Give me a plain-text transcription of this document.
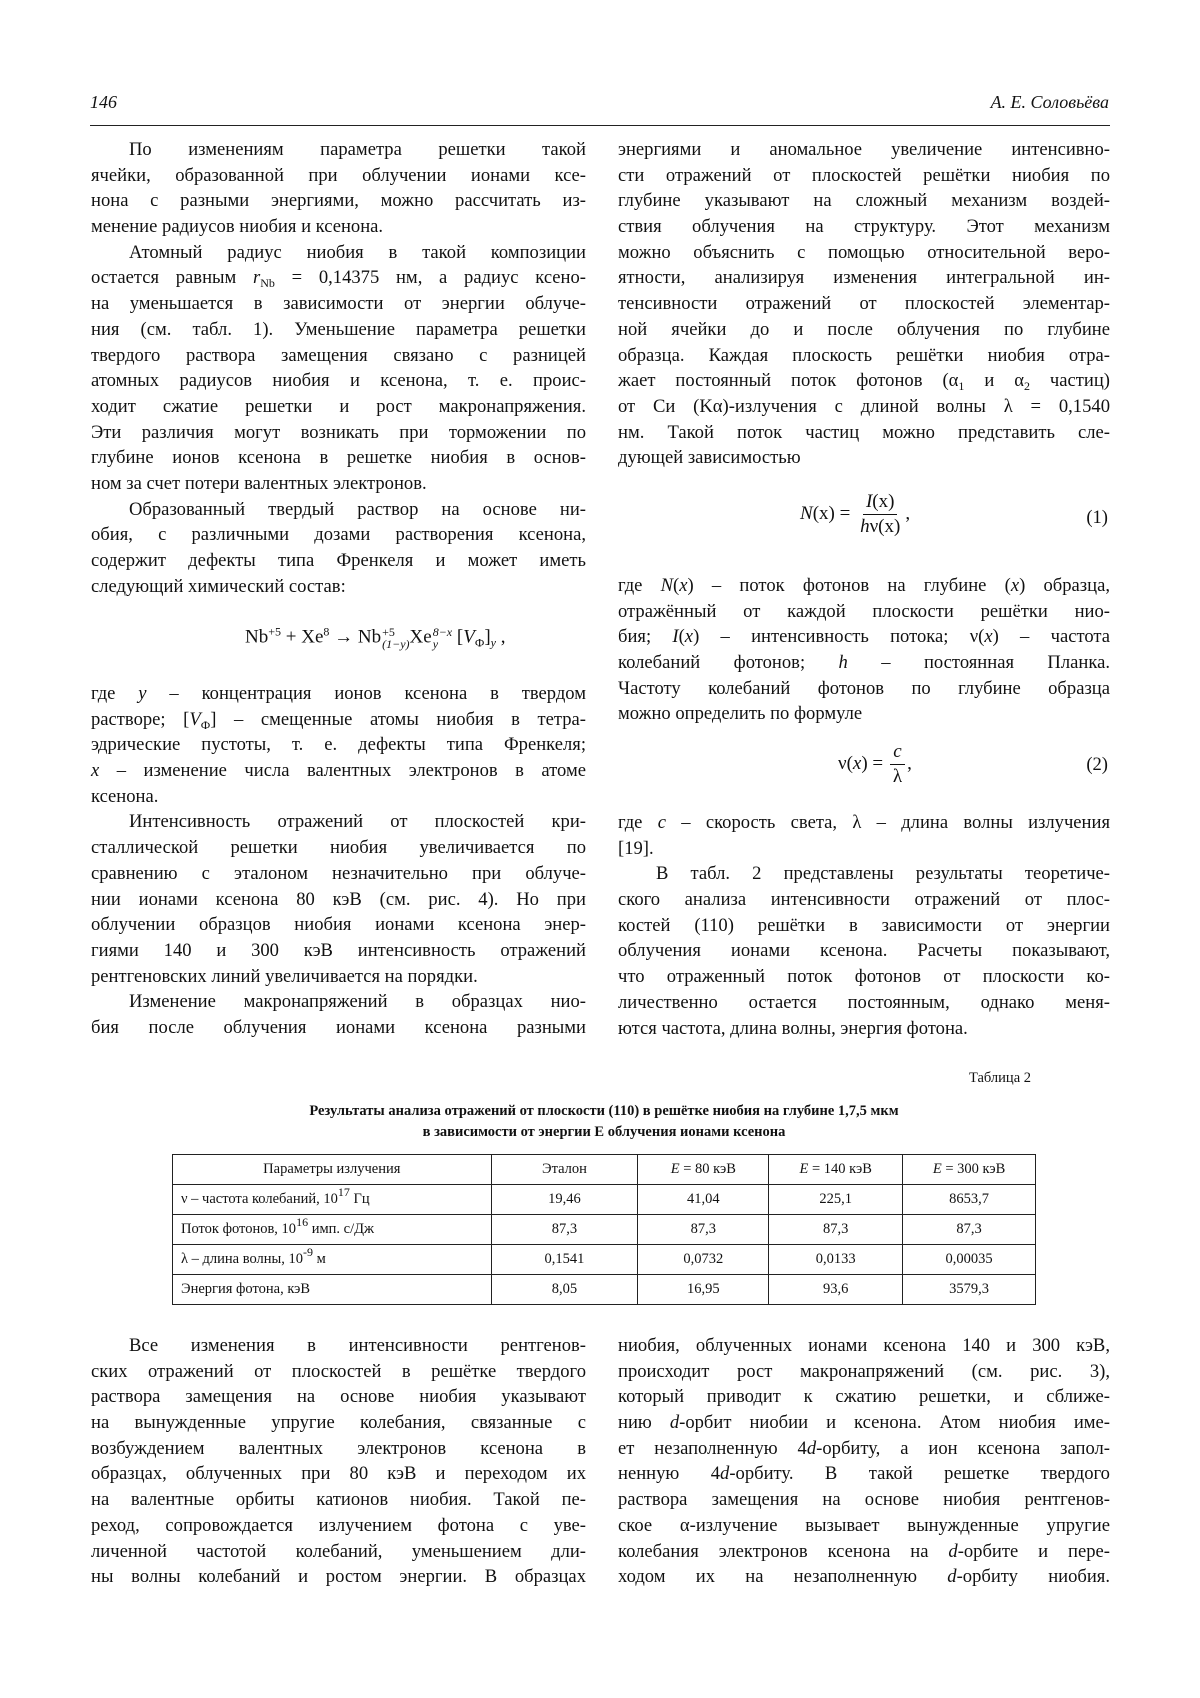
146	А. Е. Соловьёва
По изменениям параметра решетки такой
ячейки, образованной при облучении ионами ксе-
нона с разными энергиями, можно рассчитать из-
менение радиусов ниобия и ксенона.
Атомный радиус ниобия в такой композиции
остается равным $r_{Nb} = 0,14375$ нм, а радиус ксено-
на уменьшается в зависимости от энергии облуче-
ния (см. табл. 1). Уменьшение параметра решетки
твердого раствора замещения связано с разницей
атомных радиусов ниобия и ксенона, т. е. проис-
ходит сжатие решетки и рост макронапряжения.
Эти различия могут возникать при торможении по
глубине ионов ксенона в решетке ниобия в основ-
ном за счет потери валентных электронов.
Образованный твердый раствор на основе ни-
обия, с различными дозами растворения ксенона,
содержит дефекты типа Френкеля и может иметь
следующий химический состав:
$Nb^{+5} + Xe^8 \to Nb +5$
(1−y) Xe 8−x
y $[V_Ф]_y$ ,
где y – концентрация ионов ксенона в твердом
растворе; $[V_Ф]$ – смещенные атомы ниобия в тетра-
эдрические пустоты, т. е. дефекты типа Френкеля;
x – изменение числа валентных электронов в атоме
ксенона.
Интенсивность отражений от плоскостей кри-
сталлической решетки ниобия увеличивается по
сравнению с эталоном незначительно при облуче-
нии ионами ксенона 80 кэВ (см. рис. 4). Но при
облучении образцов ниобия ионами ксенона энер-
гиями 140 и 300 кэВ интенсивность отражений
рентгеновских линий увеличивается на порядки.
Изменение макронапряжений в образцах нио-
бия после облучения ионами ксенона разными
энергиями и аномальное увеличение интенсивно-
сти отражений от плоскостей решётки ниобия по
глубине указывают на сложный механизм воздей-
ствия облучения на структуру. Этот механизм
можно объяснить с помощью относительной веро-
ятности, анализируя изменения интегральной ин-
тенсивности отражений от плоскостей элементар-
ной ячейки до и после облучения по глубине
образца. Каждая плоскость решётки ниобия отра-
жает постоянный поток фотонов ($\alpha_1$ и $\alpha_2$ частиц)
от Си (Kα)-излучения с длиной волны λ = 0,1540
нм. Такой поток частиц можно представить сле-
дующей зависимостью
$N(x) = \frac{I(x)}{h\nu(x)}$ ,	(1)
где N(x) – поток фотонов на глубине (x) образца,
отражённый от каждой плоскости решётки нио-
бия; I(x) – интенсивность потока; ν(x) – частота
колебаний фотонов; h – постоянная Планка.
Частоту колебаний фотонов по глубине образца
можно определить по формуле
$\nu(x) = \frac{c}{\lambda}$ ,	(2)
где c – скорость света, λ – длина волны излучения
[19].
В табл. 2 представлены результаты теоретиче-
ского анализа интенсивности отражений от плос-
костей (110) решётки в зависимости от энергии
облучения ионами ксенона. Расчеты показывают,
что отраженный поток фотонов от плоскости ко-
личественно остается постоянным, однако меня-
ются частота, длина волны, энергия фотона.
Таблица 2
Результаты анализа отражений от плоскости (110) в решётке ниобия на глубине 1,7,5 мкм
в зависимости от энергии E облучения ионами ксенона
Параметры излучения	Эталон	E = 80 кэВ	E = 140 кэВ	E = 300 кэВ
ν – частота колебаний, $10^{17}$ Гц	19,46	41,04	225,1	8653,7
Поток фотонов, $10^{16}$ имп. с/Дж	87,3	87,3	87,3	87,3
λ – длина волны, $10^{-9}$ м	0,1541	0,0732	0,0133	0,00035
Энергия фотона, кэВ	8,05	16,95	93,6	3579,3
Все изменения в интенсивности рентгенов-
ских отражений от плоскостей в решётке твердого
раствора замещения на основе ниобия указывают
на вынужденные упругие колебания, связанные с
возбуждением валентных электронов ксенона в
образцах, облученных при 80 кэВ и переходом их
на валентные орбиты катионов ниобия. Такой пе-
реход, сопровождается излучением фотона с уве-
личенной частотой колебаний, уменьшением дли-
ны волны колебаний и ростом энергии. В образцах
ниобия, облученных ионами ксенона 140 и 300 кэВ,
происходит рост макронапряжений (см. рис. 3),
который приводит к сжатию решетки, и сближе-
нию d-орбит ниобии и ксенона. Атом ниобия име-
ет незаполненную 4d-орбиту, а ион ксенона запол-
ненную 4d-орбиту. В такой решетке твердого
раствора замещения на основе ниобия рентгенов-
ское α-излучение вызывает вынужденные упругие
колебания электронов ксенона на d-орбите и пере-
ходом их на незаполненную d-орбиту ниобия.
